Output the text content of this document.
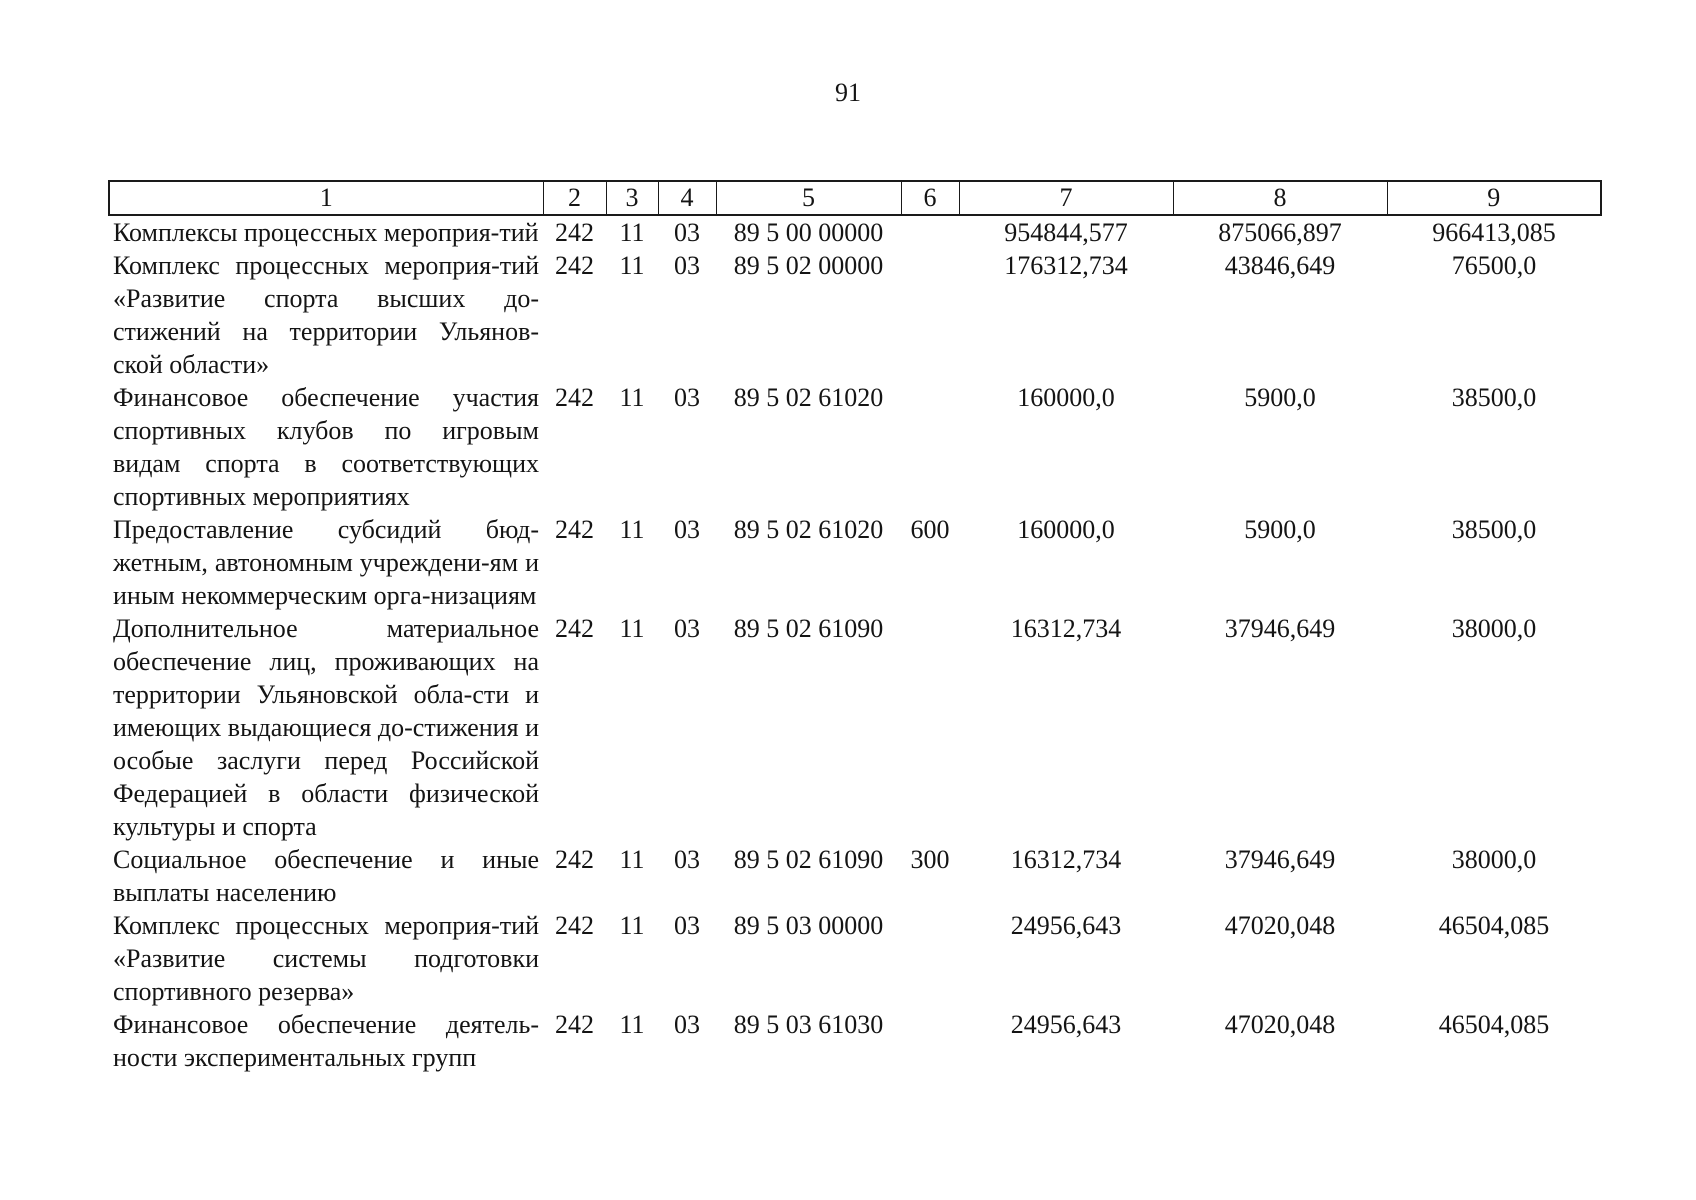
91
1	2	3	4	5	6	7	8	9
Комплексы процессных мероприя-тий	242	11	03	89 5 00 00000		954844,577	875066,897	966413,085
Комплекс процессных мероприя-тий «Развитие спорта высших до-стижений на территории Ульянов-ской области»	242	11	03	89 5 02 00000		176312,734	43846,649	76500,0
Финансовое обеспечение участия спортивных клубов по игровым видам спорта в соответствующих спортивных мероприятиях	242	11	03	89 5 02 61020		160000,0	5900,0	38500,0
Предоставление субсидий бюд-жетным, автономным учреждени-ям и иным некоммерческим орга-низациям	242	11	03	89 5 02 61020	600	160000,0	5900,0	38500,0
Дополнительное материальное обеспечение лиц, проживающих на территории Ульяновской обла-сти и имеющих выдающиеся до-стижения и особые заслуги перед Российской Федерацией в области физической культуры и спорта	242	11	03	89 5 02 61090		16312,734	37946,649	38000,0
Социальное обеспечение и иные выплаты населению	242	11	03	89 5 02 61090	300	16312,734	37946,649	38000,0
Комплекс процессных мероприя-тий «Развитие системы подготовки спортивного резерва»	242	11	03	89 5 03 00000		24956,643	47020,048	46504,085
Финансовое обеспечение деятель-ности экспериментальных групп	242	11	03	89 5 03 61030		24956,643	47020,048	46504,085
